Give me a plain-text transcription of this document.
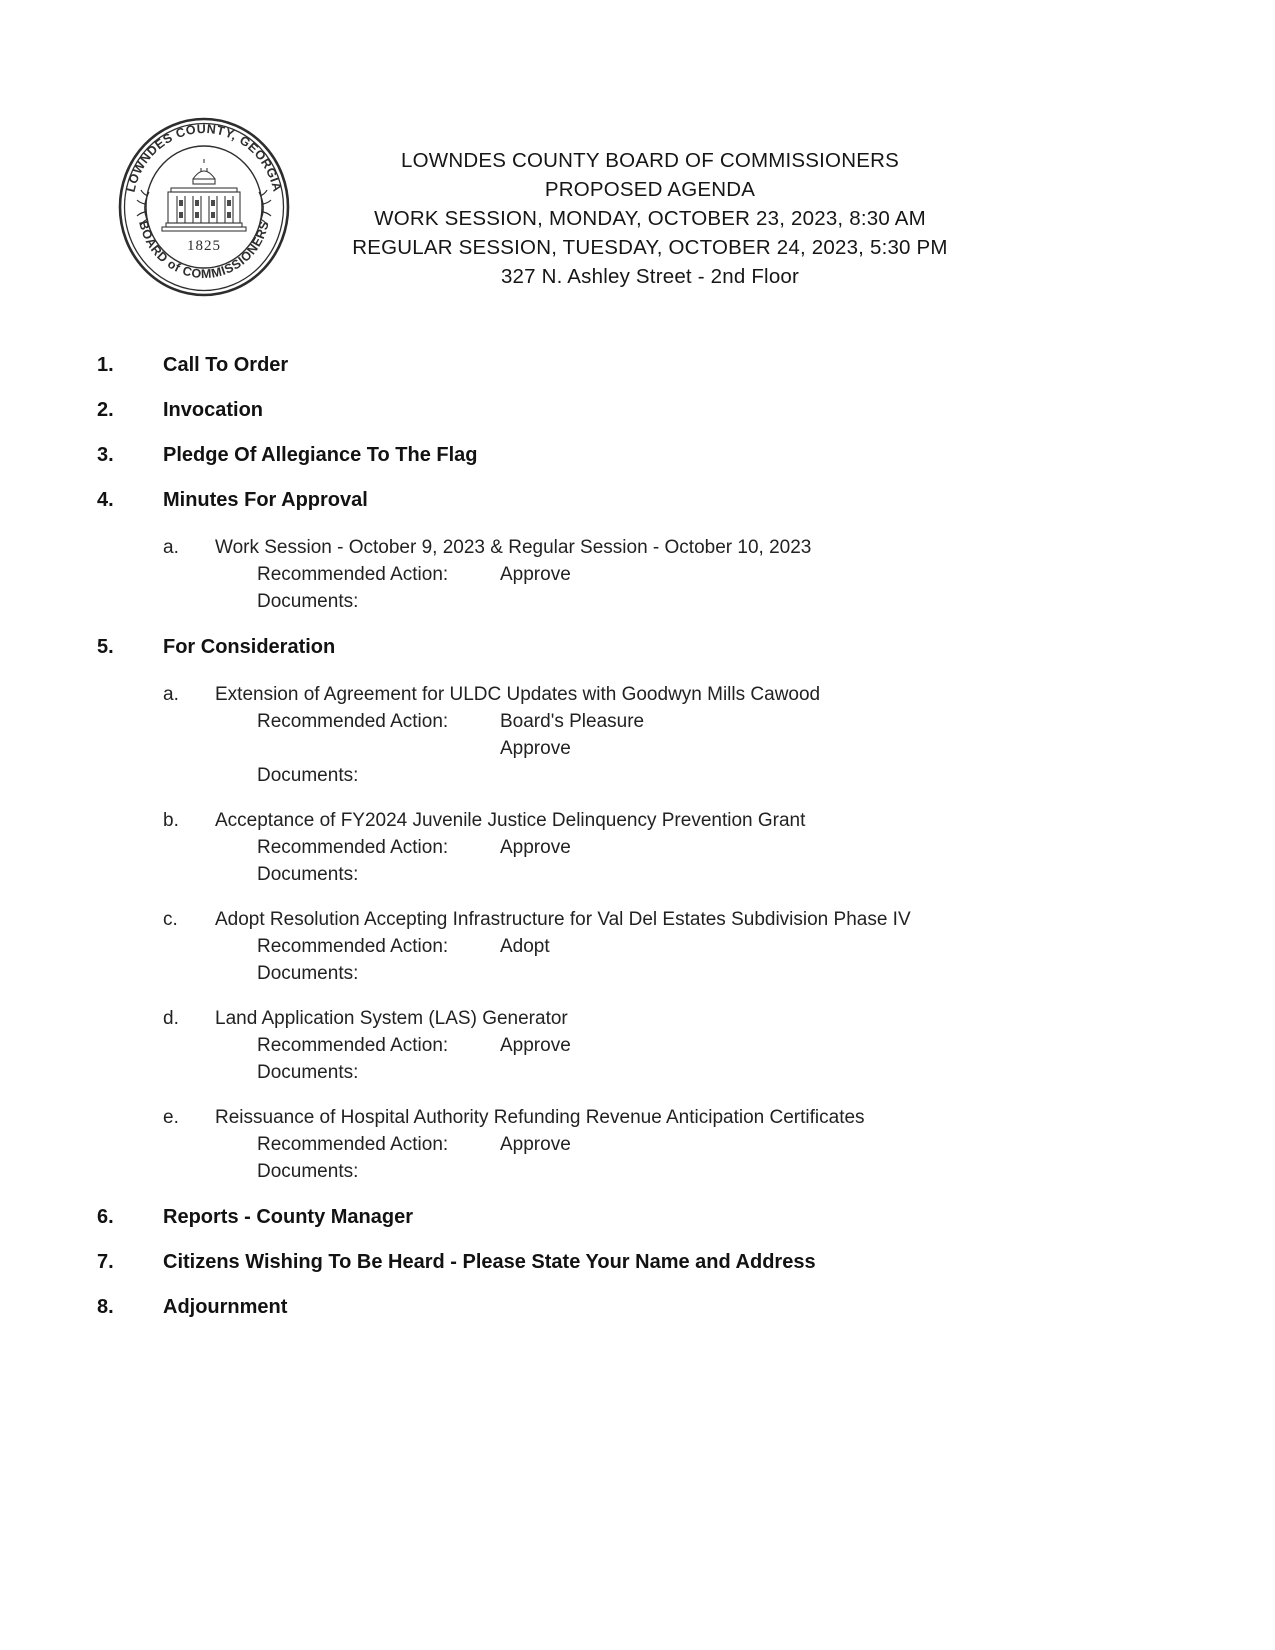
LOWNDES COUNTY, GEORGIA
BOARD of COMMISSIONERS
1825
LOWNDES COUNTY BOARD OF COMMISSIONERS
PROPOSED AGENDA
WORK SESSION, MONDAY, OCTOBER 23, 2023, 8:30 AM
REGULAR SESSION, TUESDAY, OCTOBER 24, 2023, 5:30 PM
327 N. Ashley Street - 2nd Floor
1.	Call To Order
2.	Invocation
3.	Pledge Of Allegiance To The Flag
4.	Minutes For Approval
a.	Work Session - October 9, 2023 & Regular Session - October 10, 2023
Recommended Action:	Approve
Documents:
5.	For Consideration
a.	Extension of Agreement for ULDC Updates with Goodwyn Mills Cawood
Recommended Action:	Board's Pleasure
Approve
Documents:
b.	Acceptance of FY2024 Juvenile Justice Delinquency Prevention Grant
Recommended Action:	Approve
Documents:
c.	Adopt Resolution Accepting Infrastructure for Val Del Estates Subdivision Phase IV
Recommended Action:	Adopt
Documents:
d.	Land Application System (LAS) Generator
Recommended Action:	Approve
Documents:
e.	Reissuance of Hospital Authority Refunding Revenue Anticipation Certificates
Recommended Action:	Approve
Documents:
6.	Reports - County Manager
7.	Citizens Wishing To Be Heard - Please State Your Name and Address
8.	Adjournment
